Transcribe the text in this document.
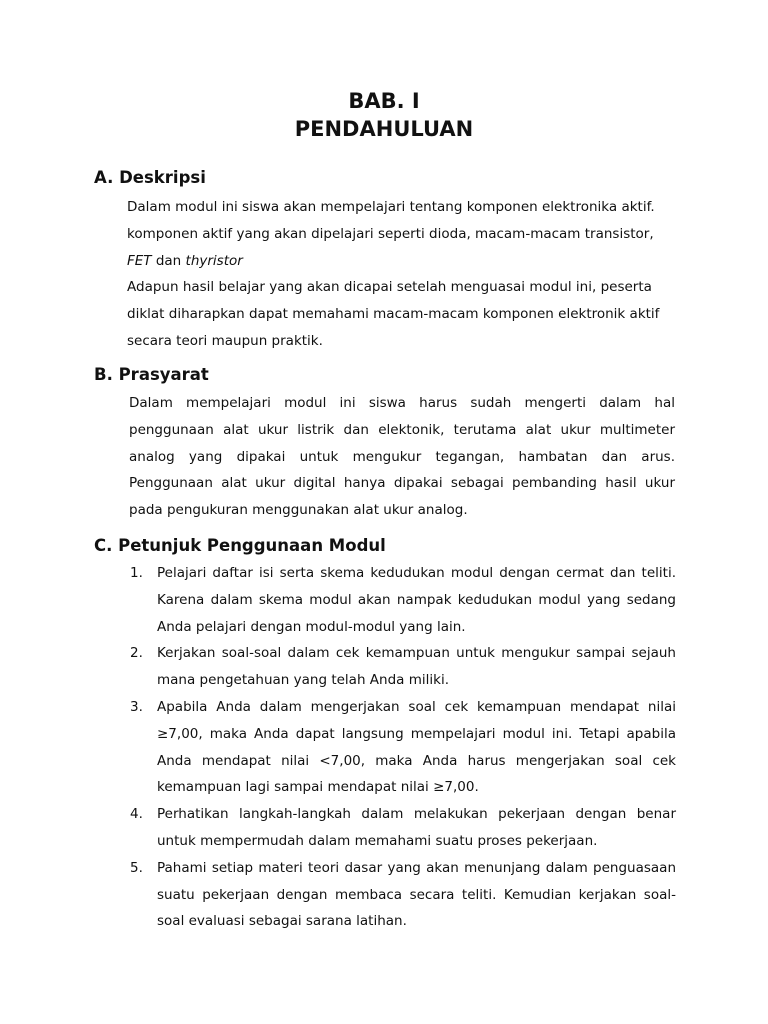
BAB. I
PENDAHULUAN
A. Deskripsi
Dalam modul ini siswa akan mempelajari tentang komponen elektronika aktif.
komponen aktif yang akan dipelajari seperti dioda, macam-macam transistor,
FET dan thyristor
Adapun hasil belajar yang akan dicapai setelah menguasai modul ini, peserta
diklat diharapkan dapat memahami macam-macam komponen elektronik aktif
secara teori maupun praktik.
B. Prasyarat
Dalam mempelajari modul ini siswa harus sudah mengerti dalam hal
penggunaan alat ukur listrik dan elektonik, terutama alat ukur multimeter
analog yang dipakai untuk mengukur tegangan, hambatan dan arus.
Penggunaan alat ukur digital hanya dipakai sebagai pembanding hasil ukur
pada pengukuran menggunakan alat ukur analog.
C. Petunjuk Penggunaan Modul
1. Pelajari daftar isi serta skema kedudukan modul dengan cermat dan teliti.
Karena dalam skema modul akan nampak kedudukan modul yang sedang
Anda pelajari dengan modul-modul yang lain.
2. Kerjakan soal-soal dalam cek kemampuan untuk mengukur sampai sejauh
mana pengetahuan yang telah Anda miliki.
3. Apabila Anda dalam mengerjakan soal cek kemampuan mendapat nilai
≥7,00, maka Anda dapat langsung mempelajari modul ini. Tetapi apabila
Anda mendapat nilai <7,00, maka Anda harus mengerjakan soal cek
kemampuan lagi sampai mendapat nilai ≥7,00.
4. Perhatikan langkah-langkah dalam melakukan pekerjaan dengan benar
untuk mempermudah dalam memahami suatu proses pekerjaan.
5. Pahami setiap materi teori dasar yang akan menunjang dalam penguasaan
suatu pekerjaan dengan membaca secara teliti. Kemudian kerjakan soal-
soal evaluasi sebagai sarana latihan.
